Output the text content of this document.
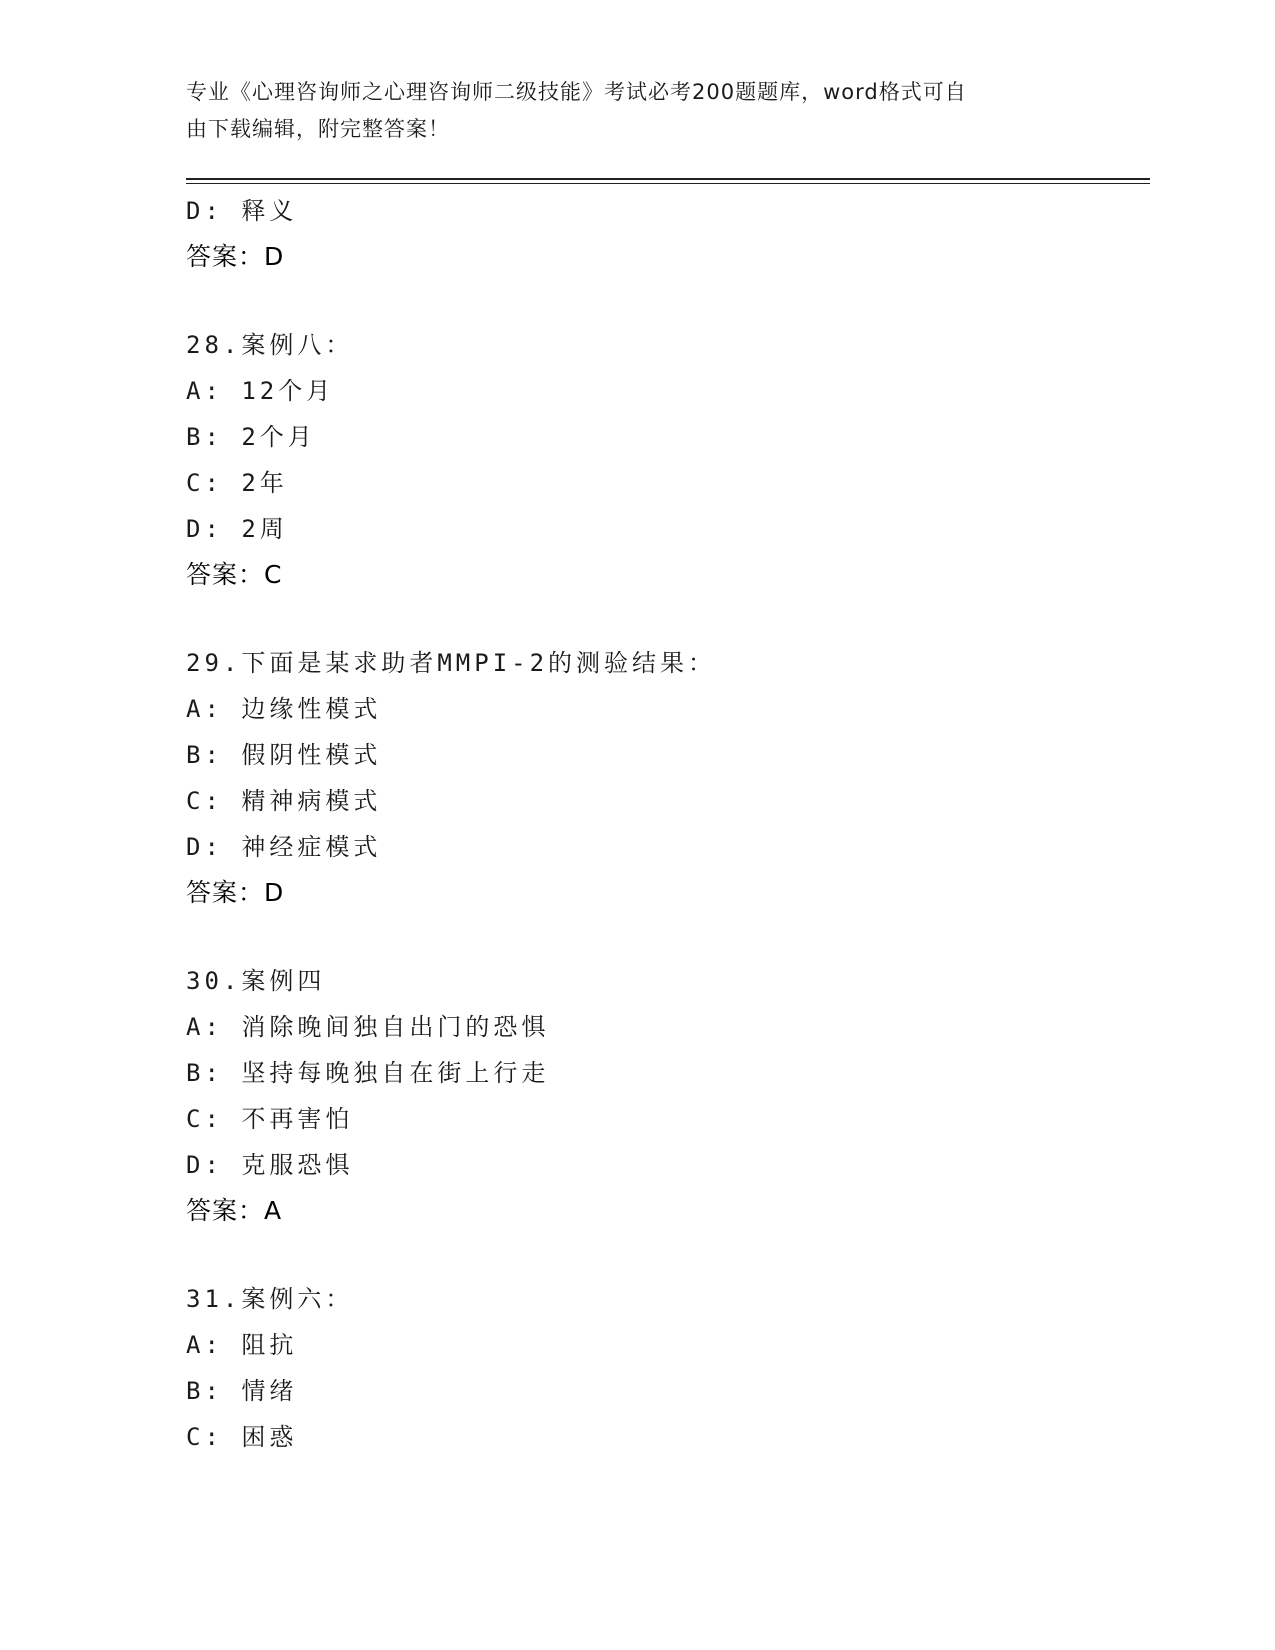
专业《心理咨询师之心理咨询师二级技能》考试必考200题题库，word格式可自
由下载编辑，附完整答案！
D: 释义
答案：D
28.案例八：
A: 12个月
B: 2个月
C: 2年
D: 2周
答案：C
29.下面是某求助者MMPI-2的测验结果：
A: 边缘性模式
B: 假阴性模式
C: 精神病模式
D: 神经症模式
答案：D
30.案例四
A: 消除晚间独自出门的恐惧
B: 坚持每晚独自在街上行走
C: 不再害怕
D: 克服恐惧
答案：A
31.案例六：
A: 阻抗
B: 情绪
C: 困惑
